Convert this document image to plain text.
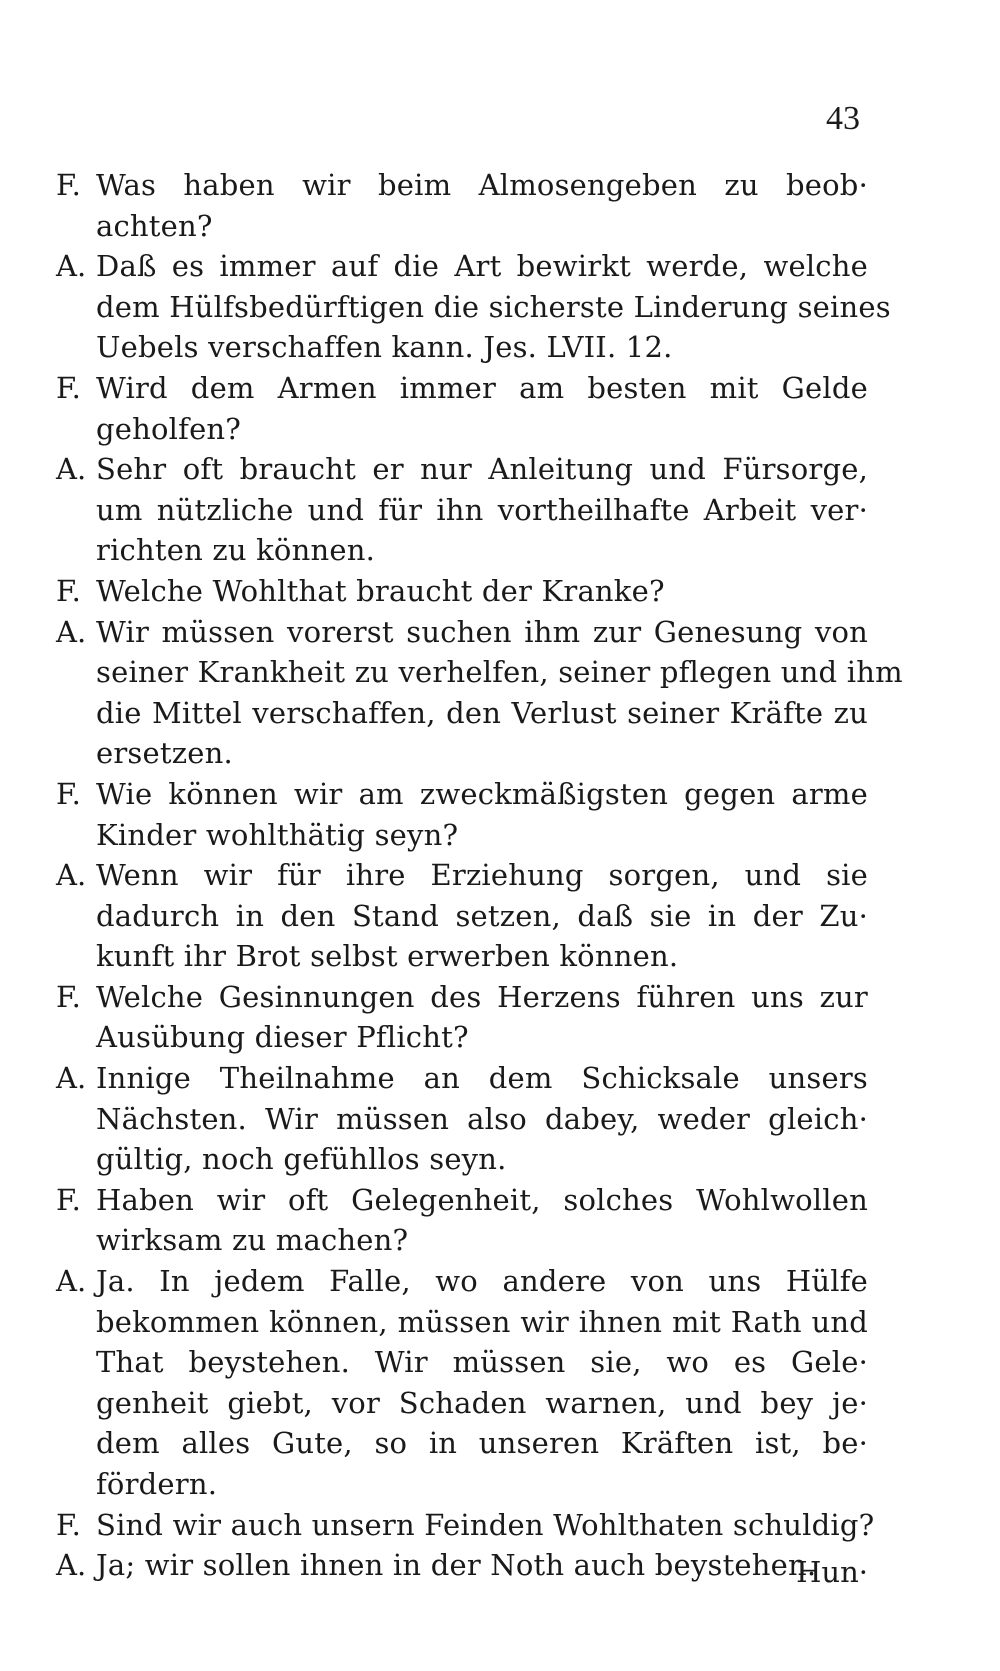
43
F. Was haben wir beim Almosengeben zu beob·
achten?
A. Daß es immer auf die Art bewirkt werde, welche
dem Hülfsbedürftigen die sicherste Linderung seines
Uebels verschaffen kann. Jes. LVII. 12.
F. Wird dem Armen immer am besten mit Gelde
geholfen?
A. Sehr oft braucht er nur Anleitung und Fürsorge,
um nützliche und für ihn vortheilhafte Arbeit ver·
richten zu können.
F. Welche Wohlthat braucht der Kranke?
A. Wir müssen vorerst suchen ihm zur Genesung von
seiner Krankheit zu verhelfen, seiner pflegen und ihm
die Mittel verschaffen, den Verlust seiner Kräfte zu
ersetzen.
F. Wie können wir am zweckmäßigsten gegen arme
Kinder wohlthätig seyn?
A. Wenn wir für ihre Erziehung sorgen, und sie
dadurch in den Stand setzen, daß sie in der Zu·
kunft ihr Brot selbst erwerben können.
F. Welche Gesinnungen des Herzens führen uns zur
Ausübung dieser Pflicht?
A. Innige Theilnahme an dem Schicksale unsers
Nächsten. Wir müssen also dabey, weder gleich·
gültig, noch gefühllos seyn.
F. Haben wir oft Gelegenheit, solches Wohlwollen
wirksam zu machen?
A. Ja. In jedem Falle, wo andere von uns Hülfe
bekommen können, müssen wir ihnen mit Rath und
That beystehen. Wir müssen sie, wo es Gele·
genheit giebt, vor Schaden warnen, und bey je·
dem alles Gute, so in unseren Kräften ist, be·
fördern.
F. Sind wir auch unsern Feinden Wohlthaten schuldig?
A. Ja; wir sollen ihnen in der Noth auch beystehen.
Hun·
